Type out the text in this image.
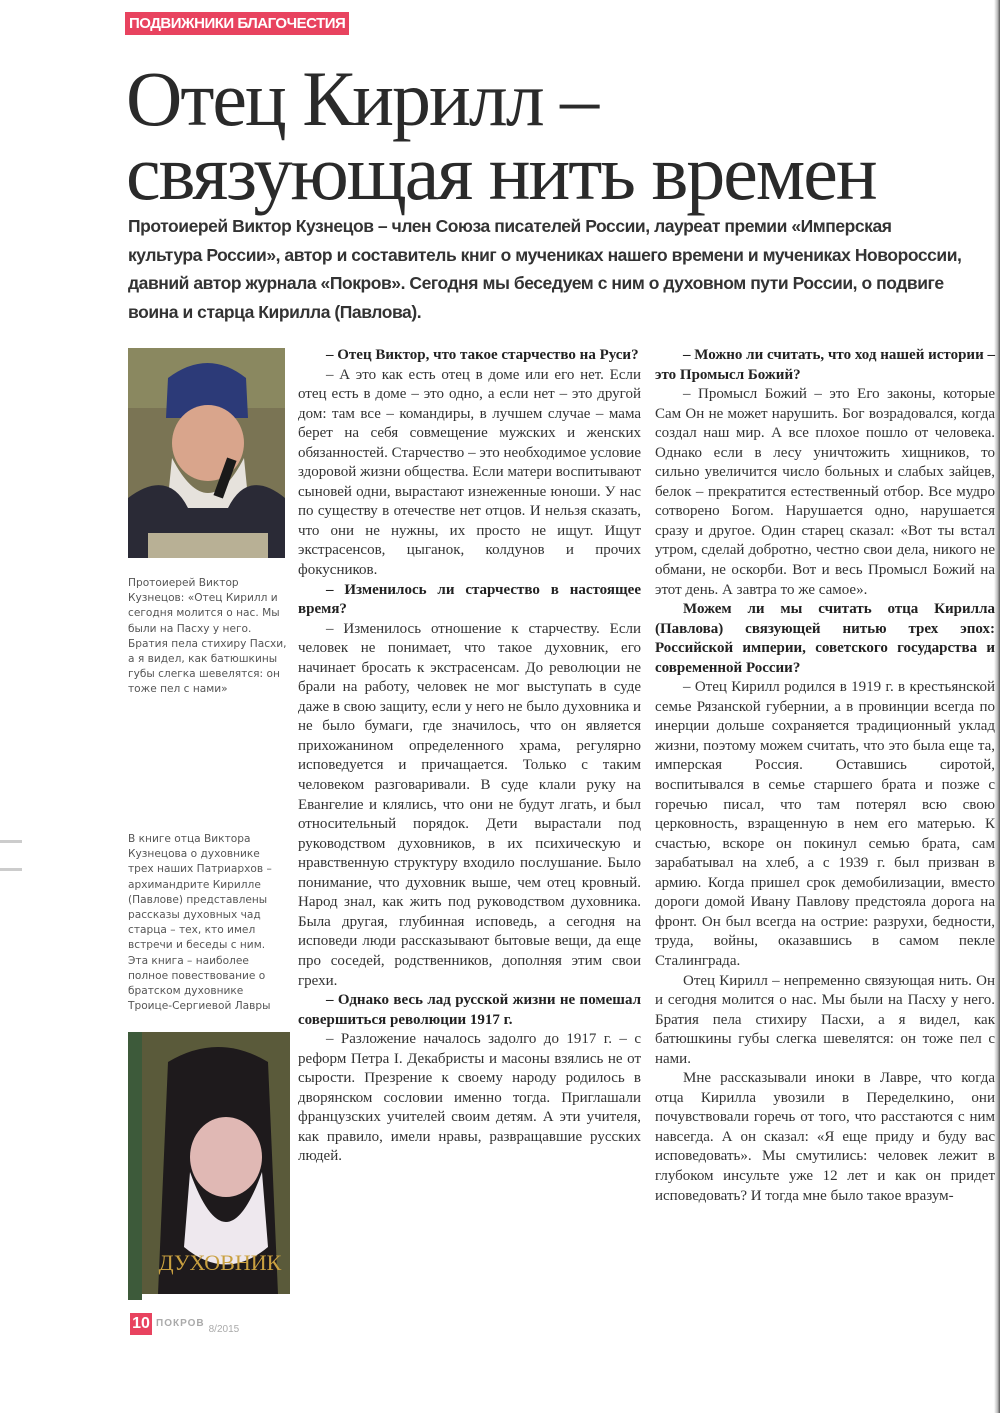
ПОДВИЖНИКИ БЛАГОЧЕСТИЯ
Отец Кирилл –
связующая нить времен
Протоиерей Виктор Кузнецов – член Союза писателей России, лауреат премии «Имперская культура России», автор и составитель книг о мучениках нашего времени и мучениках Новороссии, давний автор журнала «Покров». Сегодня мы беседуем с ним о духовном пути России, о подвиге воина и старца Кирилла (Павлова).
Протоиерей Виктор Кузнецов: «Отец Кирилл и сегодня молится о нас. Мы были на Пасху у него. Братия пела стихиру Пасхи, а я видел, как батюшкины губы слегка шевелятся: он тоже пел с нами»
В книге отца Виктора Кузнецова о духовнике трех наших Патриархов – архимандрите Кирилле (Павлове) представлены рассказы духовных чад старца – тех, кто имел встречи и беседы с ним. Эта книга – наиболее полное повествование о братском духовнике Троице-Сергиевой Лавры
ДУХОВНИК

– Отец Виктор, что такое старчество на Руси?

– А это как есть отец в доме или его нет. Если отец есть в доме – это одно, а если нет – это другой дом: там все – командиры, в лучшем случае – мама берет на себя совмещение мужских и женских обязанностей. Старчество – это необходимое условие здоровой жизни общества. Если матери воспитывают сыновей одни, вырастают изнеженные юноши. У нас по существу в отечестве нет отцов. И нельзя сказать, что они не нужны, их просто не ищут. Ищут экстрасенсов, цыганок, колдунов и прочих фокусников.

– Изменилось ли старчество в настоящее время?

– Изменилось отношение к старчеству. Если человек не понимает, что такое духовник, его начинает бросать к экстрасенсам. До революции не брали на работу, человек не мог выступать в суде даже в свою защиту, если у него не было духовника и не было бумаги, где значилось, что он является прихожанином определенного храма, регулярно исповедуется и причащается. Только с таким человеком разговаривали. В суде клали руку на Евангелие и клялись, что они не будут лгать, и был относительный порядок. Дети вырастали под руководством духовников, в их психическую и нравственную структуру входило послушание. Было понимание, что духовник выше, чем отец кровный. Народ знал, как жить под руководством духовника. Была другая, глубинная исповедь, а сегодня на исповеди люди рассказывают бытовые вещи, да еще про соседей, родственников, дополняя этим свои грехи.

– Однако весь лад русской жизни не помешал совершиться революции 1917 г.

– Разложение началось задолго до 1917 г. – с реформ Петра I. Декабристы и масоны взялись не от сырости. Презрение к своему народу родилось в дворянском сословии именно тогда. Приглашали французских учителей своим детям. А эти учителя, как правило, имели нравы, развращавшие русских людей.

– Можно ли считать, что ход нашей истории – это Промысл Божий?

– Промысл Божий – это Его законы, которые Сам Он не может нарушить. Бог возрадовался, когда создал наш мир. А все плохое пошло от человека. Однако если в лесу уничтожить хищников, то сильно увеличится число больных и слабых зайцев, белок – прекратится естественный отбор. Все мудро сотворено Богом. Нарушается одно, нарушается сразу и другое. Один старец сказал: «Вот ты встал утром, сделай добротно, честно свои дела, никого не обмани, не оскорби. Вот и весь Промысл Божий на этот день. А завтра то же самое».

Можем ли мы считать отца Кирилла (Павлова) связующей нитью трех эпох: Российской империи, советского государства и современной России?

– Отец Кирилл родился в 1919 г. в крестьянской семье Рязанской губернии, а в провинции всегда по инерции дольше сохраняется традиционный уклад жизни, поэтому можем считать, что это была еще та, имперская Россия. Оставшись сиротой, воспитывался в семье старшего брата и позже с горечью писал, что там потерял всю свою церковность, взращенную в нем его матерью. К счастью, вскоре он покинул семью брата, сам зарабатывал на хлеб, а с 1939 г. был призван в армию. Когда пришел срок демобилизации, вместо дороги домой Ивану Павлову предстояла дорога на фронт. Он был всегда на острие: разрухи, бедности, труда, войны, оказавшись в самом пекле Сталинграда.

Отец Кирилл – непременно связующая нить. Он и сегодня молится о нас. Мы были на Пасху у него. Братия пела стихиру Пасхи, а я видел, как батюшкины губы слегка шевелятся: он тоже пел с нами.

Мне рассказывали иноки в Лавре, что когда отца Кирилла увозили в Переделкино, они почувствовали горечь от того, что расстаются с ним навсегда. А он сказал: «Я еще приду и буду вас исповедовать». Мы смутились: человек лежит в глубоком инсульте уже 12 лет и как он придет исповедовать? И тогда мне было такое вразум-

10 ПОКРОВ
8/2015
